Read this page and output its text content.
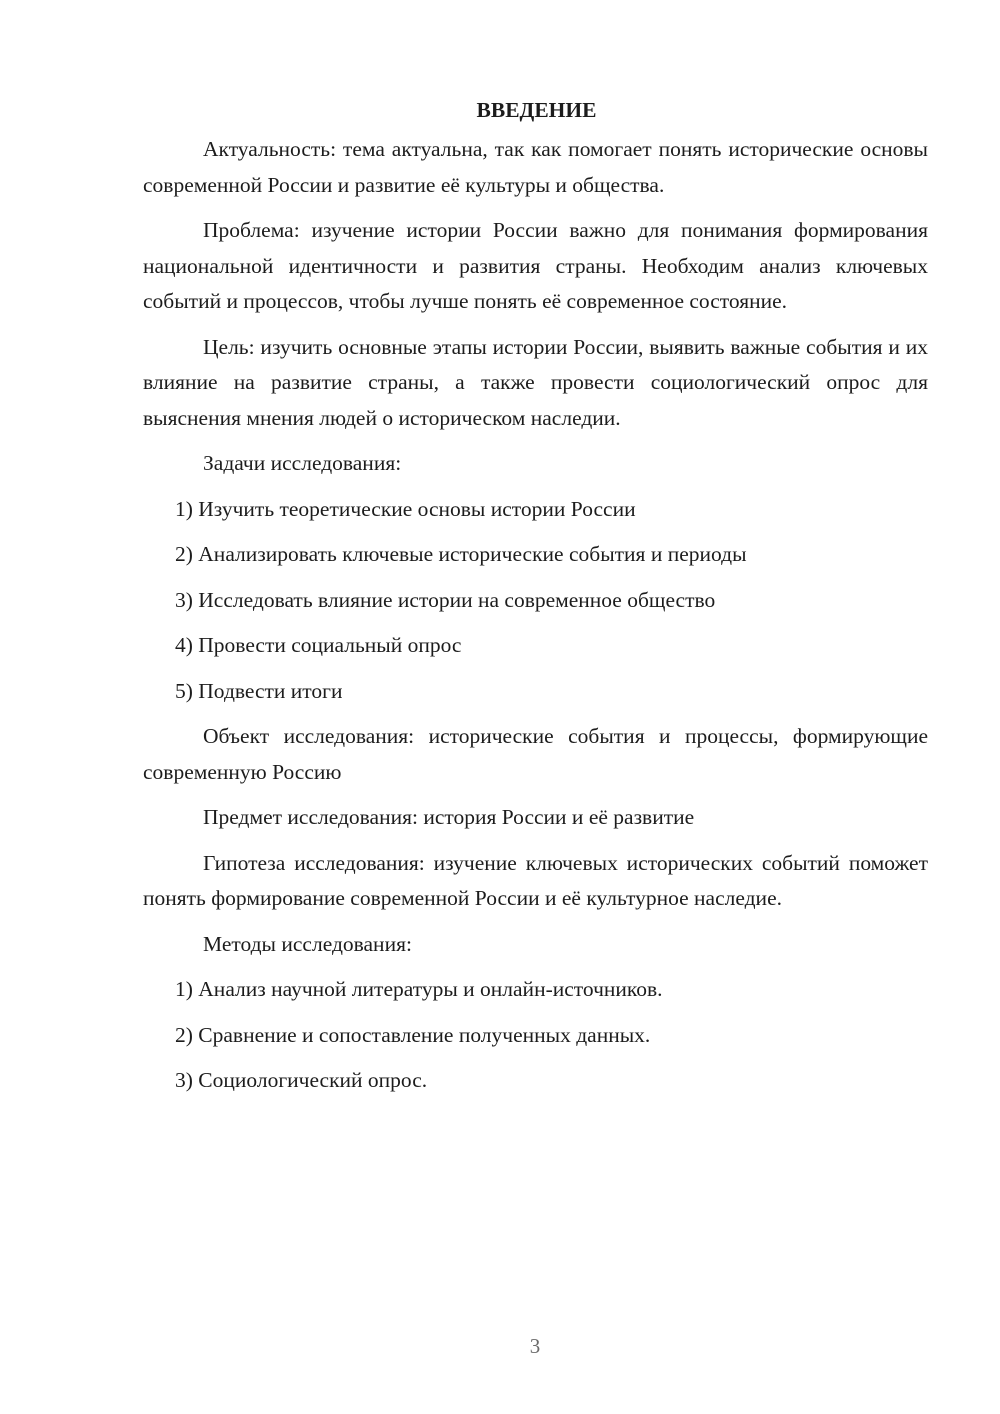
ВВЕДЕНИЕ

Актуальность: тема актуальна, так как помогает понять исторические основы современной России и развитие её культуры и общества.

Проблема: изучение истории России важно для понимания формирования национальной идентичности и развития страны. Необходим анализ ключевых событий и процессов, чтобы лучше понять её современное состояние.

Цель: изучить основные этапы истории России, выявить важные события и их влияние на развитие страны, а также провести социологический опрос для выяснения мнения людей о историческом наследии.

Задачи исследования:

1) Изучить теоретические основы истории России

2) Анализировать ключевые исторические события и периоды

3) Исследовать влияние истории на современное общество

4) Провести социальный опрос

5) Подвести итоги

Объект исследования: исторические события и процессы, формирующие современную Россию

Предмет исследования: история России и её развитие

Гипотеза исследования: изучение ключевых исторических событий поможет понять формирование современной России и её культурное наследие.

Методы исследования:

1) Анализ научной литературы и онлайн-источников.

2) Сравнение и сопоставление полученных данных.

3) Социологический опрос.

3
